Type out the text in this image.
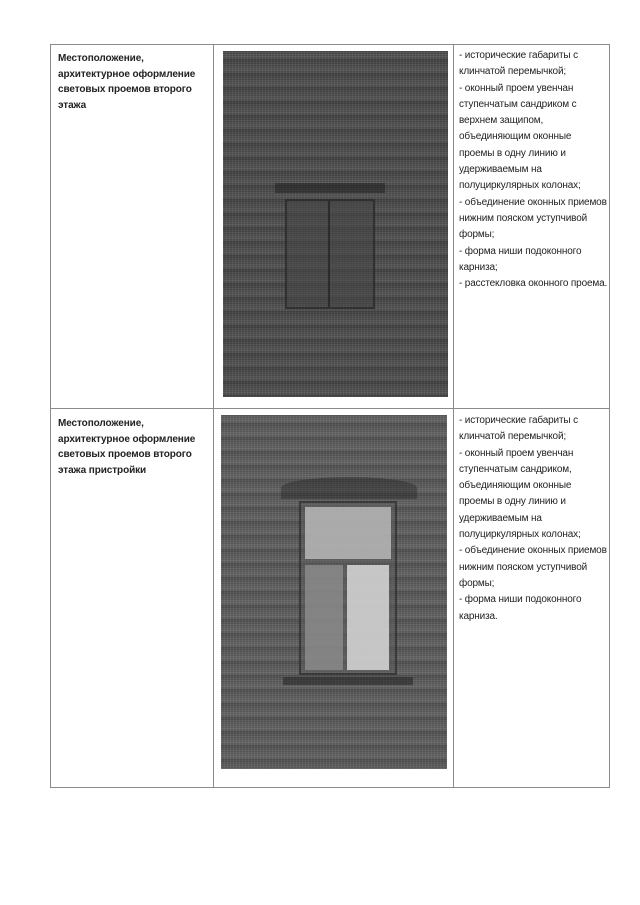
Местоположение, архитектурное оформление световых проемов второго этажа
- исторические габариты с клинчатой перемычкой;
- оконный проем увенчан ступенчатым сандриком с верхнем защипом, объединяющим оконные проемы в одну линию и удерживаемым на полуциркулярных колонах;
- объединение оконных приемов нижним пояском уступчивой формы;
- форма ниши подоконного карниза;
- расстекловка оконного проема.
Местоположение, архитектурное оформление световых проемов второго этажа пристройки
- исторические габариты с клинчатой перемычкой;
- оконный проем увенчан ступенчатым сандриком, объединяющим оконные проемы в одну линию и удерживаемым на полуциркулярных колонах;
- объединение оконных приемов нижним пояском уступчивой формы;
- форма ниши подоконного карниза.
